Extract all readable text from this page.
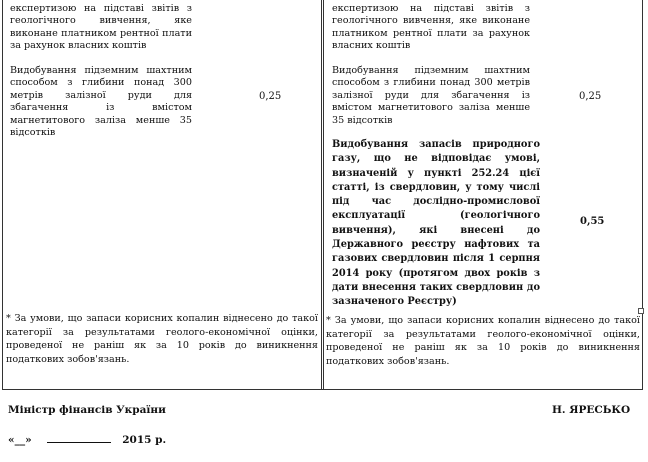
експертизою на підставі звітів з геологічного вивчення, яке виконане платником рентної плати за рахунок власних коштів

Видобування підземним шахтним способом з глибини понад 300 метрів залізної руди для збагачення із вмістом магнетитового заліза менше 35 відсотків

0,25
* За умови, що запаси корисних копалин віднесено до такої категорії за результатами геолого-економічної оцінки, проведеної не раніш як за 10 років до виникнення податкових зобов'язань.

експертизою на підставі звітів з геологічного вивчення, яке виконане платником рентної плати за рахунок власних коштів

Видобування підземним шахтним способом з глибини понад 300 метрів залізної руди для збагачення із вмістом магнетитового заліза менше 35 відсотків

0,25

Видобування запасів природного газу, що не відповідає умові, визначеній у пункті 252.24 цієї статті, із свердловин, у тому числі під час дослідно-промислової експлуатації (геологічного вивчення), які внесені до Державного реєстру нафтових та газових свердловин після 1 серпня 2014 року (протягом двох років з дати внесення таких свердловин до зазначеного Реєстру)

0,55
* За умови, що запаси корисних копалин віднесено до такої категорії за результатами геолого-економічної оцінки, проведеної не раніш як за 10 років до виникнення податкових зобов'язань.
Міністр фінансів України	Н. ЯРЕСЬКО
«__»	2015 р.
